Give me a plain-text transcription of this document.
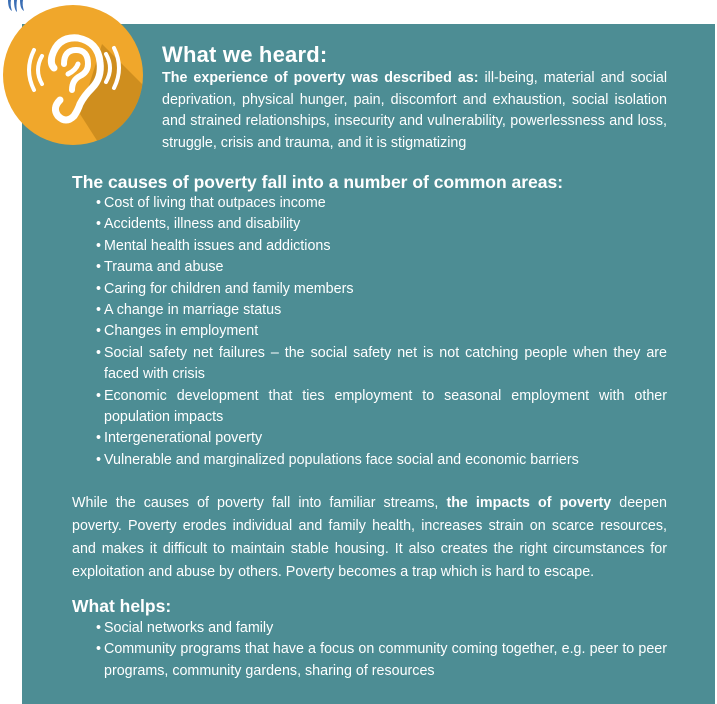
What we heard:
The experience of poverty was described as: ill-being, material and social deprivation, physical hunger, pain, discomfort and exhaustion, social isolation and strained relationships, insecurity and vulnerability, powerlessness and loss, struggle, crisis and trauma, and it is stigmatizing
The causes of poverty fall into a number of common areas:
• Cost of living that outpaces income
• Accidents, illness and disability
• Mental health issues and addictions
• Trauma and abuse
• Caring for children and family members
• A change in marriage status
• Changes in employment
• Social safety net failures – the social safety net is not catching people when they are faced with crisis
• Economic development that ties employment to seasonal employment with other population impacts
• Intergenerational poverty
• Vulnerable and marginalized populations face social and economic barriers
While the causes of poverty fall into familiar streams, the impacts of poverty deepen poverty. Poverty erodes individual and family health, increases strain on scarce resources, and makes it difficult to maintain stable housing. It also creates the right circumstances for exploitation and abuse by others. Poverty becomes a trap which is hard to escape.
What helps:
• Social networks and family
• Community programs that have a focus on community coming together, e.g. peer to peer programs, community gardens, sharing of resources
